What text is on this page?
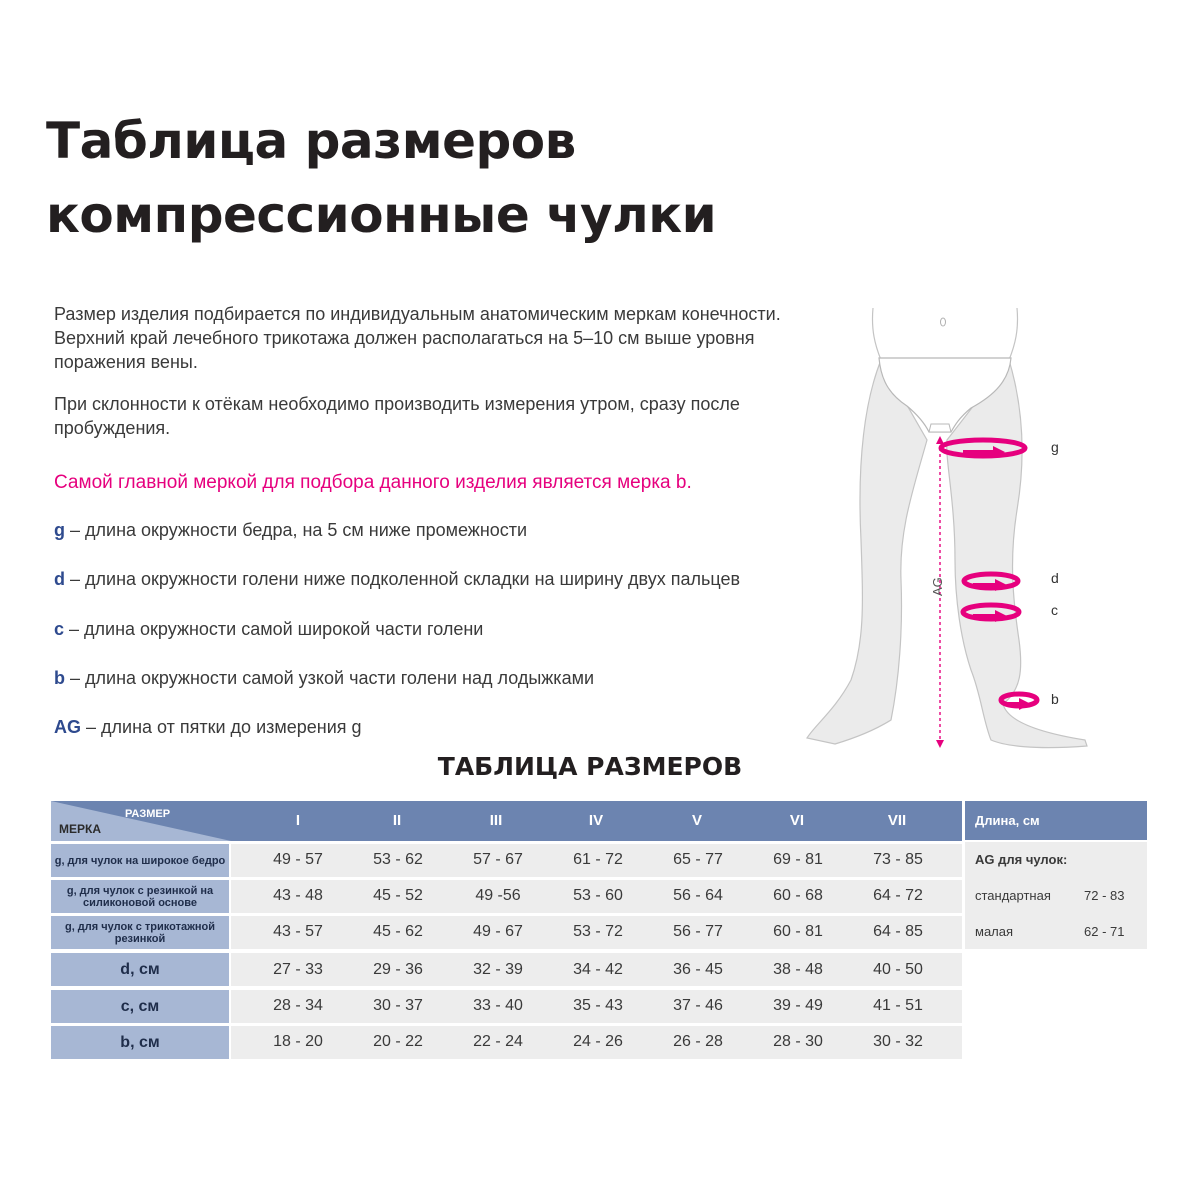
Таблица размеров
компрессионные чулки

Размер изделия подбирается по индивидуальным анатомическим меркам конечности. Верхний край лечебного трикотажа должен располагаться на 5–10 см выше уровня поражения вены.

При склонности к отёкам необходимо производить измерения утром, сразу после пробуждения.

Самой главной меркой для подбора данного изделия является мерка b.
g – длина окружности бедра, на 5 см ниже промежности
d – длина окружности голени ниже подколенной складки на ширину двух пальцев
c – длина окружности самой широкой части голени
b – длина окружности самой узкой части голени над лодыжками
AG – длина от пятки до измерения g
AG
g
d
c
b
ТАБЛИЦА РАЗМЕРОВ
РАЗМЕР
МЕРКА	I	II	III	IV	V	VI	VII
g, для чулок на широкое бедро	49 - 57	53 - 62	57 - 67	61 - 72	65 - 77	69 - 81	73 - 85
g, для чулок с резинкой на силиконовой основе	43 - 48	45 - 52	49 -56	53 - 60	56 - 64	60 - 68	64 - 72
g, для чулок с трикотажной резинкой	43 - 57	45 - 62	49 - 67	53 - 72	56 - 77	60 - 81	64 - 85
d, см	27 - 33	29 - 36	32 - 39	34 - 42	36 - 45	38 - 48	40 - 50
c, см	28 - 34	30 - 37	33 - 40	35 - 43	37 - 46	39 - 49	41 - 51
b, см	18 - 20	20 - 22	22 - 24	24 - 26	26 - 28	28 - 30	30 - 32
Длина, см
AG для чулок:
стандартная	72 - 83
малая	62 - 71
